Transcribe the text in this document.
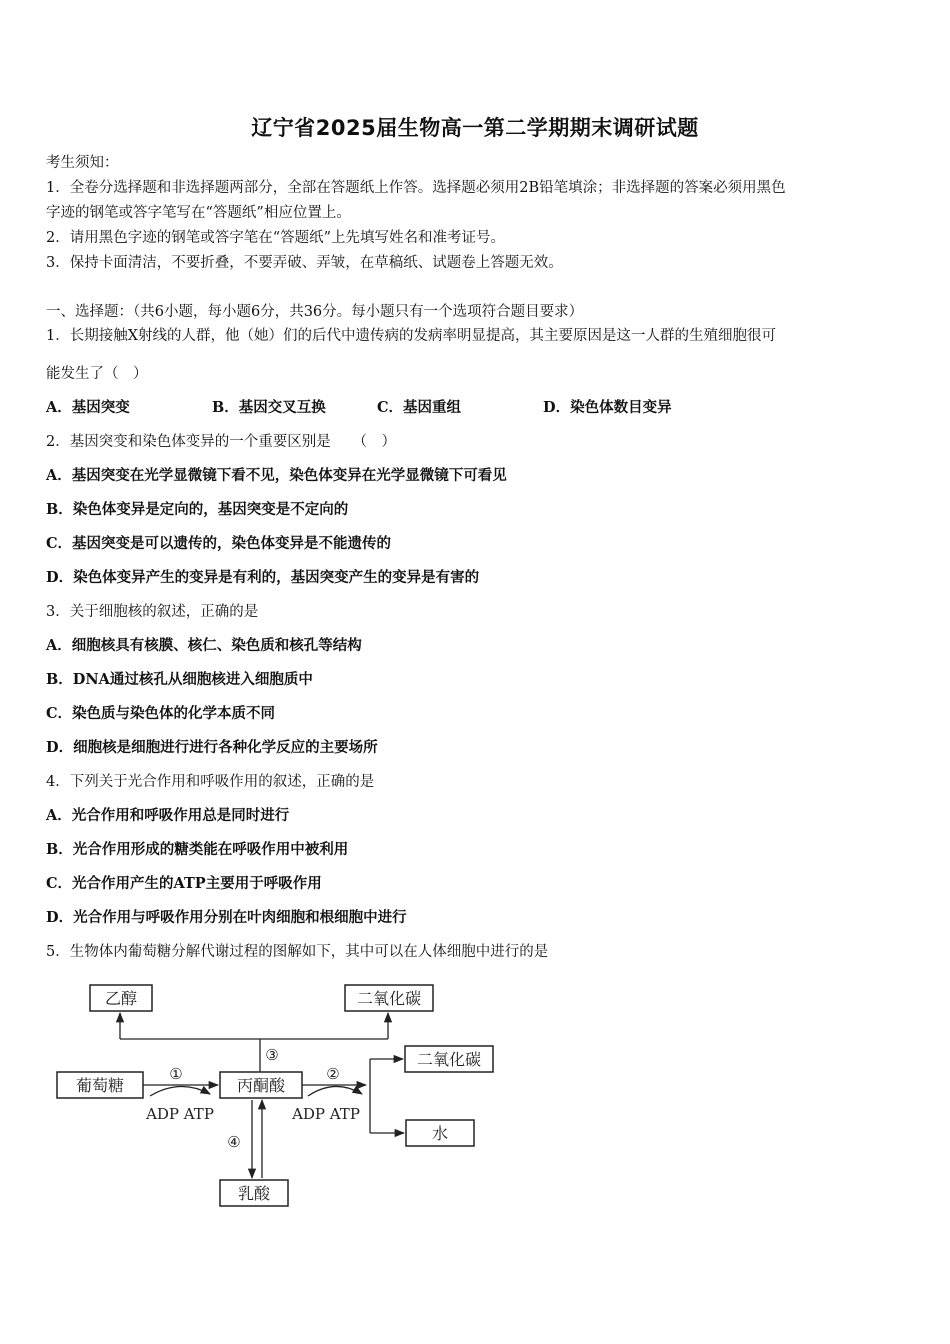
辽宁省2025届生物高一第二学期期末调研试题
考生须知：
1．全卷分选择题和非选择题两部分，全部在答题纸上作答。选择题必须用2B铅笔填涂；非选择题的答案必须用黑色
字迹的钢笔或答字笔写在“答题纸”相应位置上。
2．请用黑色字迹的钢笔或答字笔在“答题纸”上先填写姓名和准考证号。
3．保持卡面清洁，不要折叠，不要弄破、弄皱，在草稿纸、试题卷上答题无效。
一、选择题：（共6小题，每小题6分，共36分。每小题只有一个选项符合题目要求）
1．长期接触X射线的人群，他（她）们的后代中遗传病的发病率明显提高，其主要原因是这一人群的生殖细胞很可
能发生了（　）
A．基因突变	B．基因交叉互换	C．基因重组	D．染色体数目变异
2．基因突变和染色体变异的一个重要区别是　　（　）
A．基因突变在光学显微镜下看不见，染色体变异在光学显微镜下可看见
B．染色体变异是定向的，基因突变是不定向的
C．基因突变是可以遗传的，染色体变异是不能遗传的
D．染色体变异产生的变异是有利的，基因突变产生的变异是有害的
3．关于细胞核的叙述，正确的是
A．细胞核具有核膜、核仁、染色质和核孔等结构
B．DNA通过核孔从细胞核进入细胞质中
C．染色质与染色体的化学本质不同
D．细胞核是细胞进行进行各种化学反应的主要场所
4．下列关于光合作用和呼吸作用的叙述，正确的是
A．光合作用和呼吸作用总是同时进行
B．光合作用形成的糖类能在呼吸作用中被利用
C．光合作用产生的ATP主要用于呼吸作用
D．光合作用与呼吸作用分别在叶肉细胞和根细胞中进行
5．生物体内葡萄糖分解代谢过程的图解如下，其中可以在人体细胞中进行的是
乙醇	二氧化碳
葡萄糖	丙酮酸
二氧化碳
水
乳酸
①	②
③
④
ADP ATP	ADP ATP
